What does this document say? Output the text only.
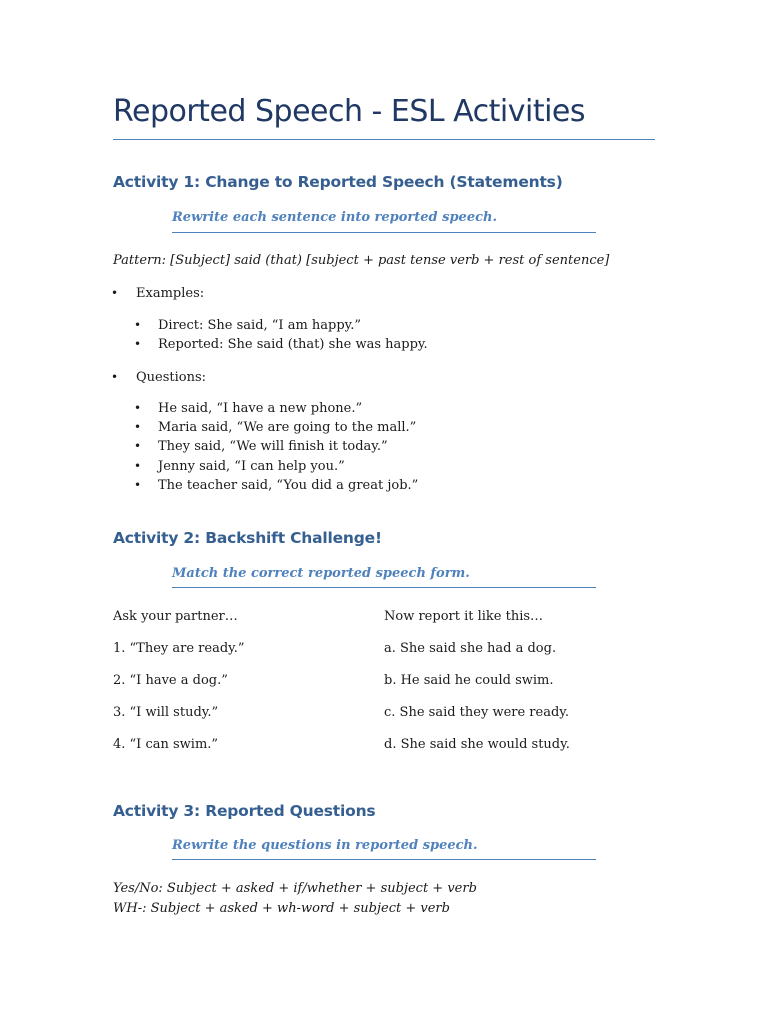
Reported Speech - ESL Activities
Activity 1: Change to Reported Speech (Statements)
Rewrite each sentence into reported speech.
Pattern: [Subject] said (that) [subject + past tense verb + rest of sentence]
• Examples:
• Direct: She said, “I am happy.”
• Reported: She said (that) she was happy.
• Questions:
• He said, “I have a new phone.”
• Maria said, “We are going to the mall.”
• They said, “We will finish it today.”
• Jenny said, “I can help you.”
• The teacher said, “You did a great job.”
Activity 2: Backshift Challenge!
Match the correct reported speech form.
Ask your partner…	Now report it like this…
1. “They are ready.”	a. She said she had a dog.
2. “I have a dog.”	b. He said he could swim.
3. “I will study.”	c. She said they were ready.
4. “I can swim.”	d. She said she would study.
Activity 3: Reported Questions
Rewrite the questions in reported speech.
Yes/No: Subject + asked + if/whether + subject + verb
WH-: Subject + asked + wh-word + subject + verb
